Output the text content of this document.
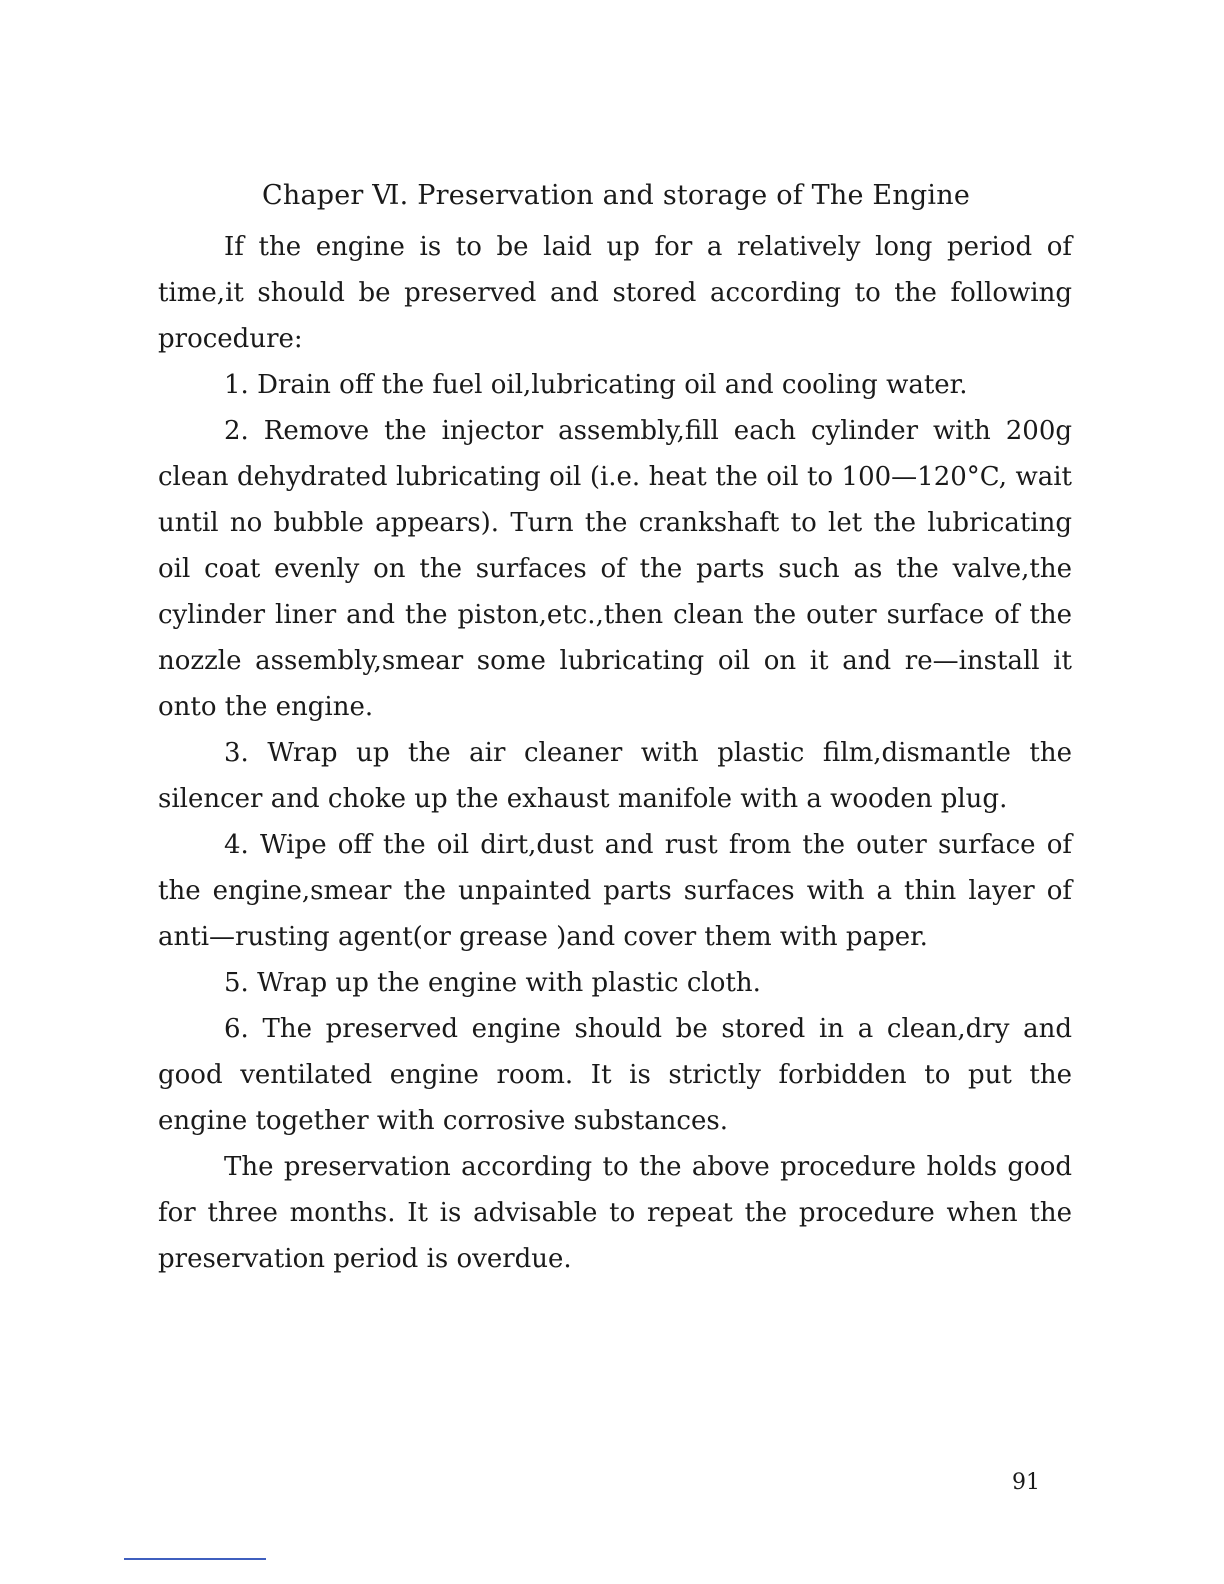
Chaper Ⅵ. Preservation and storage of The Engine

If the engine is to be laid up for a relatively long period of time,it should be preserved and stored according to the following procedure:

1. Drain off the fuel oil,lubricating oil and cooling water.

2. Remove the injector assembly,fill each cylinder with 200g clean dehydrated lubricating oil (i.e. heat the oil to 100—120°C, wait until no bubble appears). Turn the crankshaft to let the lubricating oil coat evenly on the surfaces of the parts such as the valve,the cylinder liner and the piston,etc.,then clean the outer surface of the nozzle assembly,smear some lubricating oil on it and re—install it onto the engine.

3. Wrap up the air cleaner with plastic film,dismantle the silencer and choke up the exhaust manifole with a wooden plug.

4. Wipe off the oil dirt,dust and rust from the outer surface of the engine,smear the unpainted parts surfaces with a thin layer of anti—rusting agent(or grease )and cover them with paper.

5. Wrap up the engine with plastic cloth.

6. The preserved engine should be stored in a clean,dry and good ventilated engine room. It is strictly forbidden to put the engine together with corrosive substances.

The preservation according to the above procedure holds good for three months. It is advisable to repeat the procedure when the preservation period is overdue.

91
